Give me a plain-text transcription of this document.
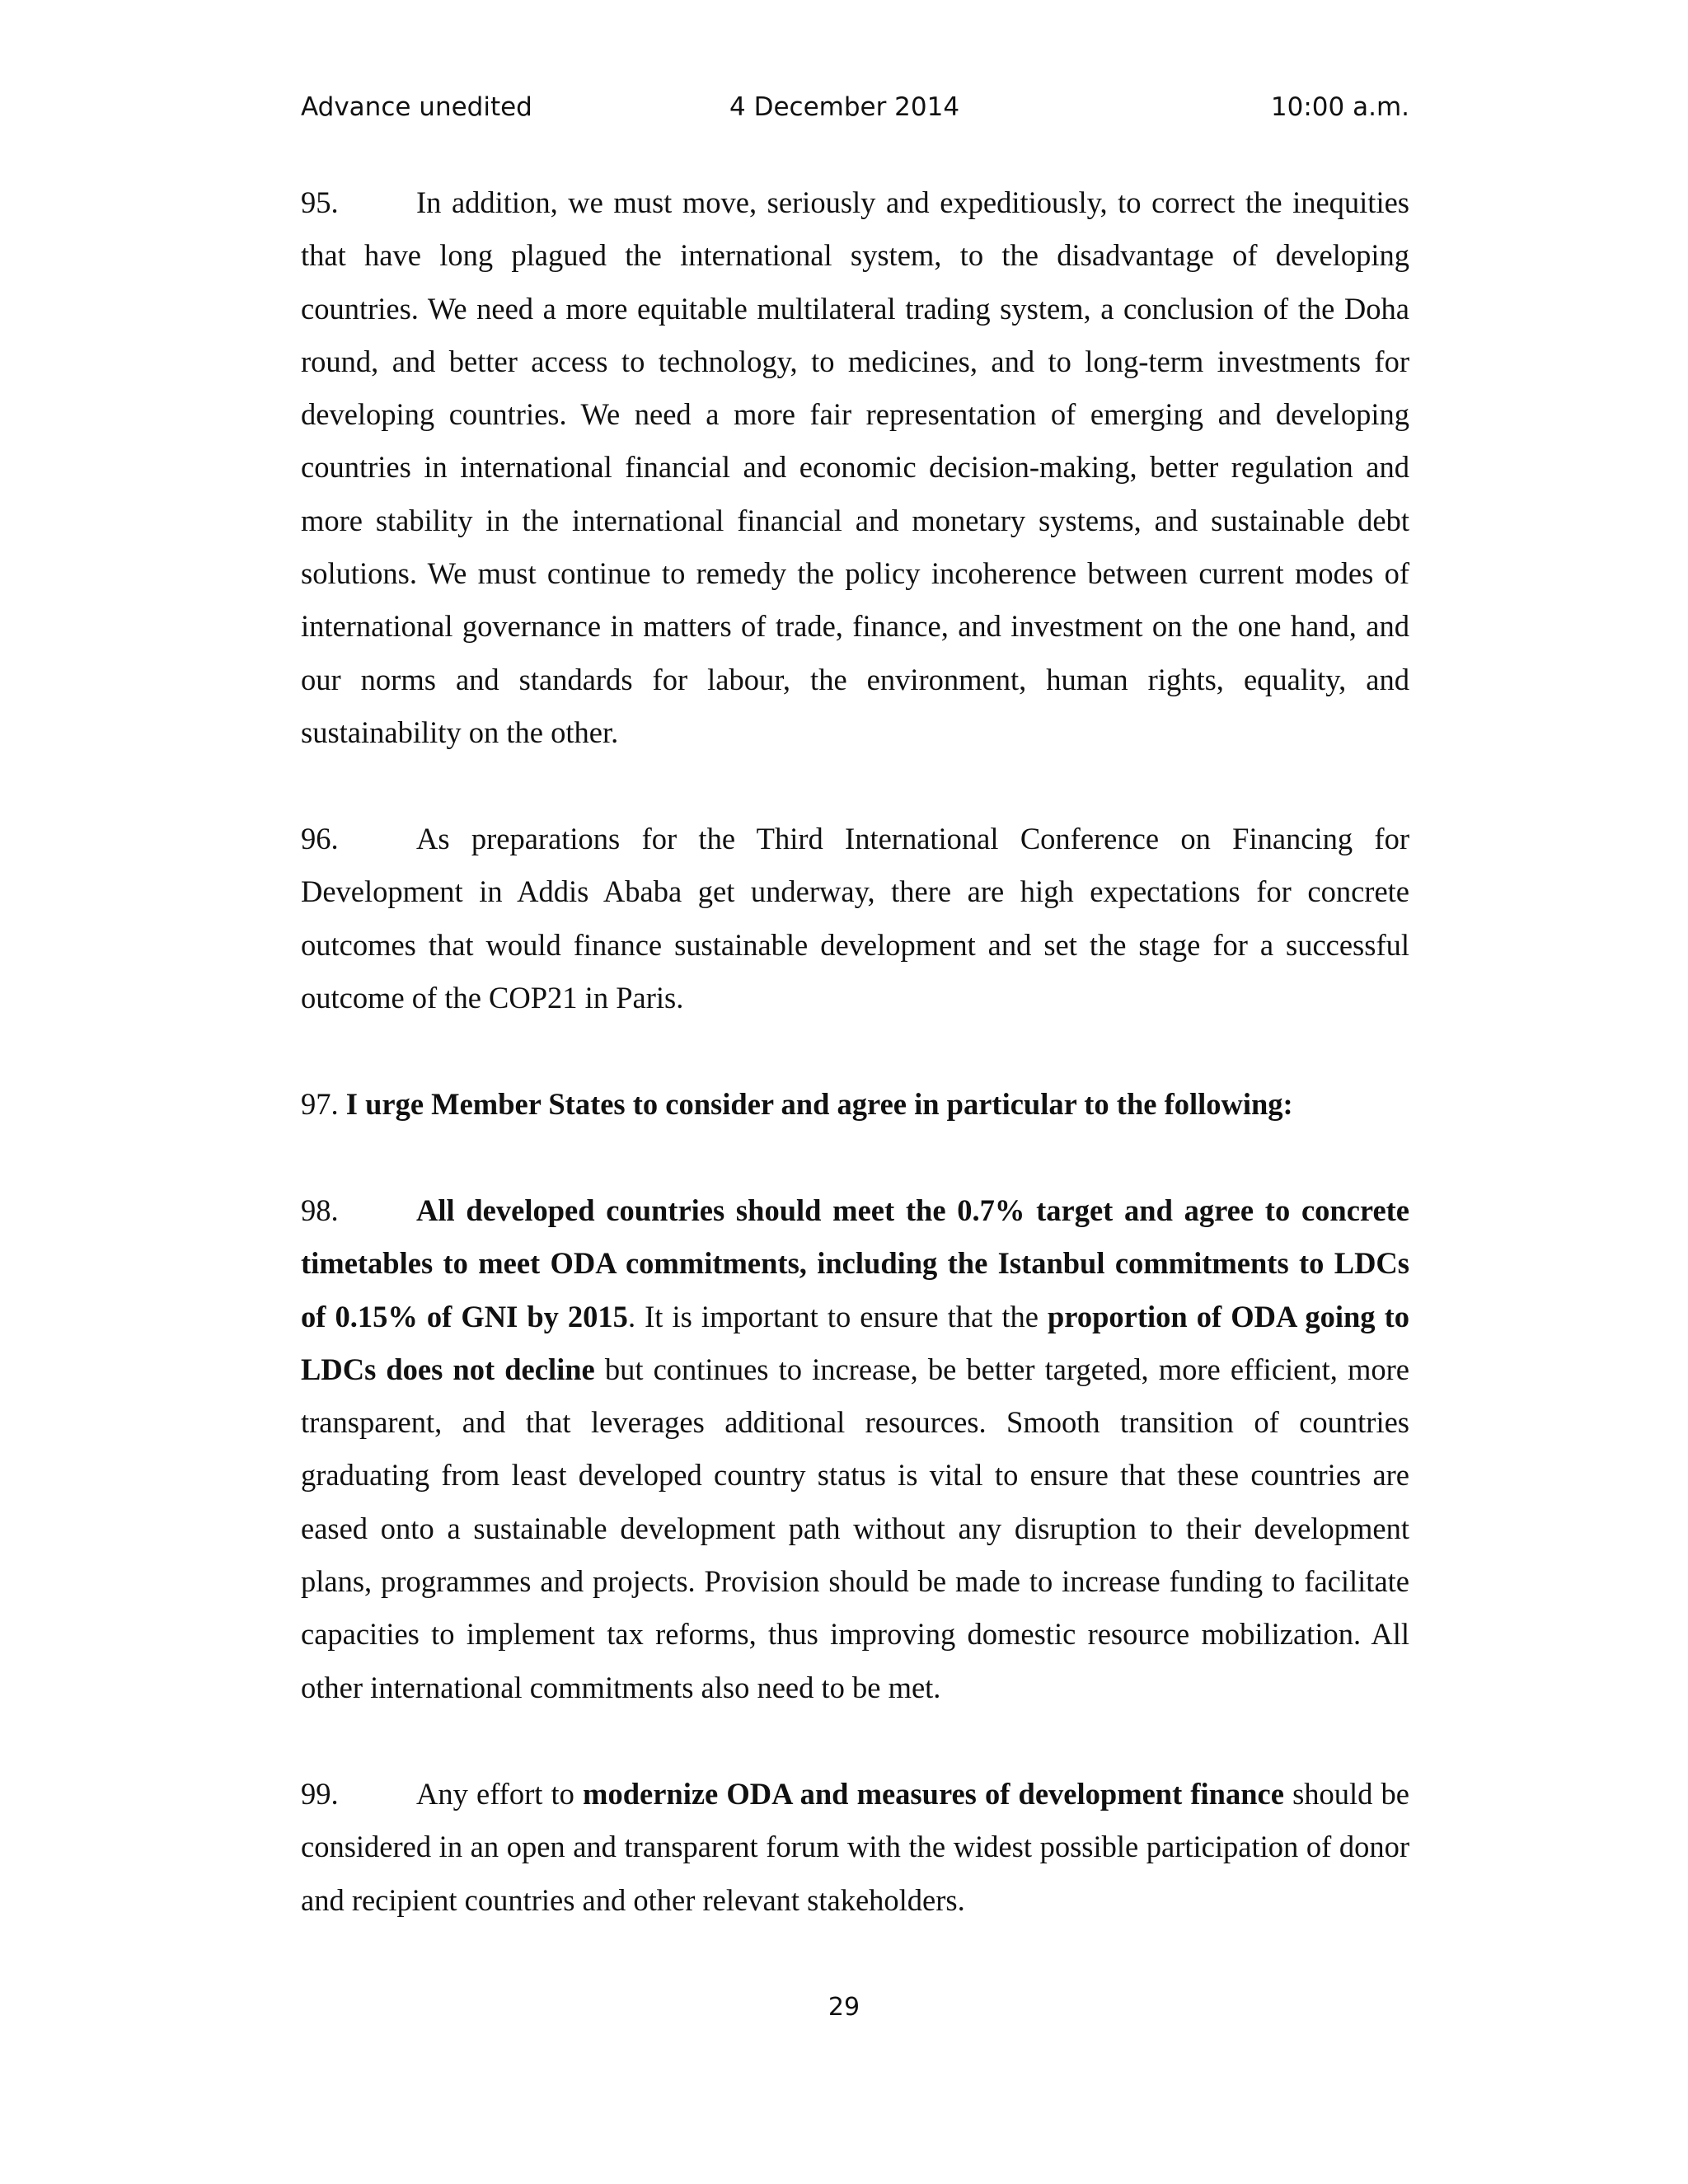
Advance unedited	4 December 2014	10:00 a.m.

95.	In addition, we must move, seriously and expeditiously, to correct the inequities that have long plagued the international system, to the disadvantage of developing countries. We need a more equitable multilateral trading system, a conclusion of the Doha round, and better access to technology, to medicines, and to long-term investments for developing countries. We need a more fair representation of emerging and developing countries in international financial and economic decision-making, better regulation and more stability in the international financial and monetary systems, and sustainable debt solutions. We must continue to remedy the policy incoherence between current modes of international governance in matters of trade, finance, and investment on the one hand, and our norms and standards for labour, the environment, human rights, equality, and sustainability on the other.

96.	As preparations for the Third International Conference on Financing for Development in Addis Ababa get underway, there are high expectations for concrete outcomes that would finance sustainable development and set the stage for a successful outcome of the COP21 in Paris.

97. I urge Member States to consider and agree in particular to the following:

98.	All developed countries should meet the 0.7% target and agree to concrete timetables to meet ODA commitments, including the Istanbul commitments to LDCs of 0.15% of GNI by 2015. It is important to ensure that the proportion of ODA going to LDCs does not decline but continues to increase, be better targeted, more efficient, more transparent, and that leverages additional resources. Smooth transition of countries graduating from least developed country status is vital to ensure that these countries are eased onto a sustainable development path without any disruption to their development plans, programmes and projects. Provision should be made to increase funding to facilitate capacities to implement tax reforms, thus improving domestic resource mobilization. All other international commitments also need to be met.

99.	Any effort to modernize ODA and measures of development finance should be considered in an open and transparent forum with the widest possible participation of donor and recipient countries and other relevant stakeholders.

29
